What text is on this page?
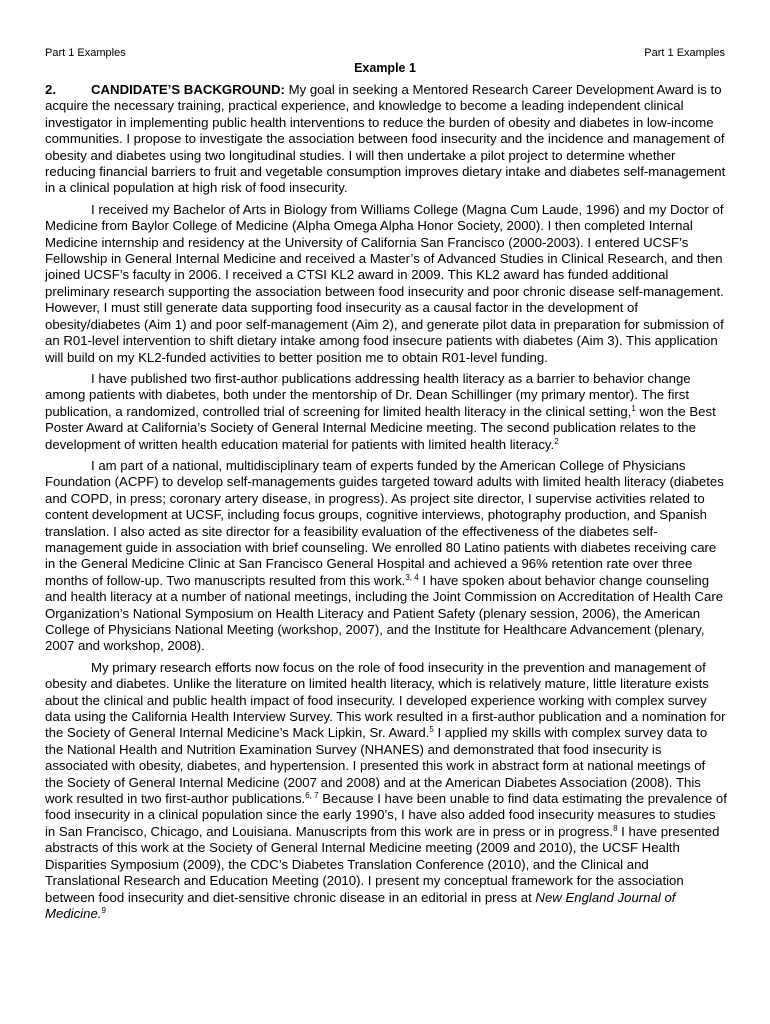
Part 1 Examples	Part 1 Examples
Example 1

2.	CANDIDATE’S BACKGROUND: My goal in seeking a Mentored Research Career Development Award is to acquire the necessary training, practical experience, and knowledge to become a leading independent clinical investigator in implementing public health interventions to reduce the burden of obesity and diabetes in low-income communities. I propose to investigate the association between food insecurity and the incidence and management of obesity and diabetes using two longitudinal studies. I will then undertake a pilot project to determine whether reducing financial barriers to fruit and vegetable consumption improves dietary intake and diabetes self-management in a clinical population at high risk of food insecurity.

I received my Bachelor of Arts in Biology from Williams College (Magna Cum Laude, 1996) and my Doctor of Medicine from Baylor College of Medicine (Alpha Omega Alpha Honor Society, 2000). I then completed Internal Medicine internship and residency at the University of California San Francisco (2000-2003). I entered UCSF’s Fellowship in General Internal Medicine and received a Master’s of Advanced Studies in Clinical Research, and then joined UCSF’s faculty in 2006. I received a CTSI KL2 award in 2009. This KL2 award has funded additional preliminary research supporting the association between food insecurity and poor chronic disease self-management. However, I must still generate data supporting food insecurity as a causal factor in the development of obesity/diabetes (Aim 1) and poor self-management (Aim 2), and generate pilot data in preparation for submission of an R01-level intervention to shift dietary intake among food insecure patients with diabetes (Aim 3). This application will build on my KL2-funded activities to better position me to obtain R01-level funding.

I have published two first-author publications addressing health literacy as a barrier to behavior change among patients with diabetes, both under the mentorship of Dr. Dean Schillinger (my primary mentor). The first publication, a randomized, controlled trial of screening for limited health literacy in the clinical setting,$^1$ won the Best Poster Award at California’s Society of General Internal Medicine meeting. The second publication relates to the development of written health education material for patients with limited health literacy.$^2$

I am part of a national, multidisciplinary team of experts funded by the American College of Physicians Foundation (ACPF) to develop self-managements guides targeted toward adults with limited health literacy (diabetes and COPD, in press; coronary artery disease, in progress). As project site director, I supervise activities related to content development at UCSF, including focus groups, cognitive interviews, photography production, and Spanish translation. I also acted as site director for a feasibility evaluation of the effectiveness of the diabetes self-management guide in association with brief counseling. We enrolled 80 Latino patients with diabetes receiving care in the General Medicine Clinic at San Francisco General Hospital and achieved a 96% retention rate over three months of follow-up. Two manuscripts resulted from this work.$^{3, 4}$ I have spoken about behavior change counseling and health literacy at a number of national meetings, including the Joint Commission on Accreditation of Health Care Organization’s National Symposium on Health Literacy and Patient Safety (plenary session, 2006), the American College of Physicians National Meeting (workshop, 2007), and the Institute for Healthcare Advancement (plenary, 2007 and workshop, 2008).

My primary research efforts now focus on the role of food insecurity in the prevention and management of obesity and diabetes. Unlike the literature on limited health literacy, which is relatively mature, little literature exists about the clinical and public health impact of food insecurity. I developed experience working with complex survey data using the California Health Interview Survey. This work resulted in a first-author publication and a nomination for the Society of General Internal Medicine’s Mack Lipkin, Sr. Award.$^5$ I applied my skills with complex survey data to the National Health and Nutrition Examination Survey (NHANES) and demonstrated that food insecurity is associated with obesity, diabetes, and hypertension. I presented this work in abstract form at national meetings of the Society of General Internal Medicine (2007 and 2008) and at the American Diabetes Association (2008). This work resulted in two first-author publications.$^{6, 7}$ Because I have been unable to find data estimating the prevalence of food insecurity in a clinical population since the early 1990’s, I have also added food insecurity measures to studies in San Francisco, Chicago, and Louisiana. Manuscripts from this work are in press or in progress.$^8$ I have presented abstracts of this work at the Society of General Internal Medicine meeting (2009 and 2010), the UCSF Health Disparities Symposium (2009), the CDC’s Diabetes Translation Conference (2010), and the Clinical and Translational Research and Education Meeting (2010). I present my conceptual framework for the association between food insecurity and diet-sensitive chronic disease in an editorial in press at New England Journal of Medicine.$^9$
